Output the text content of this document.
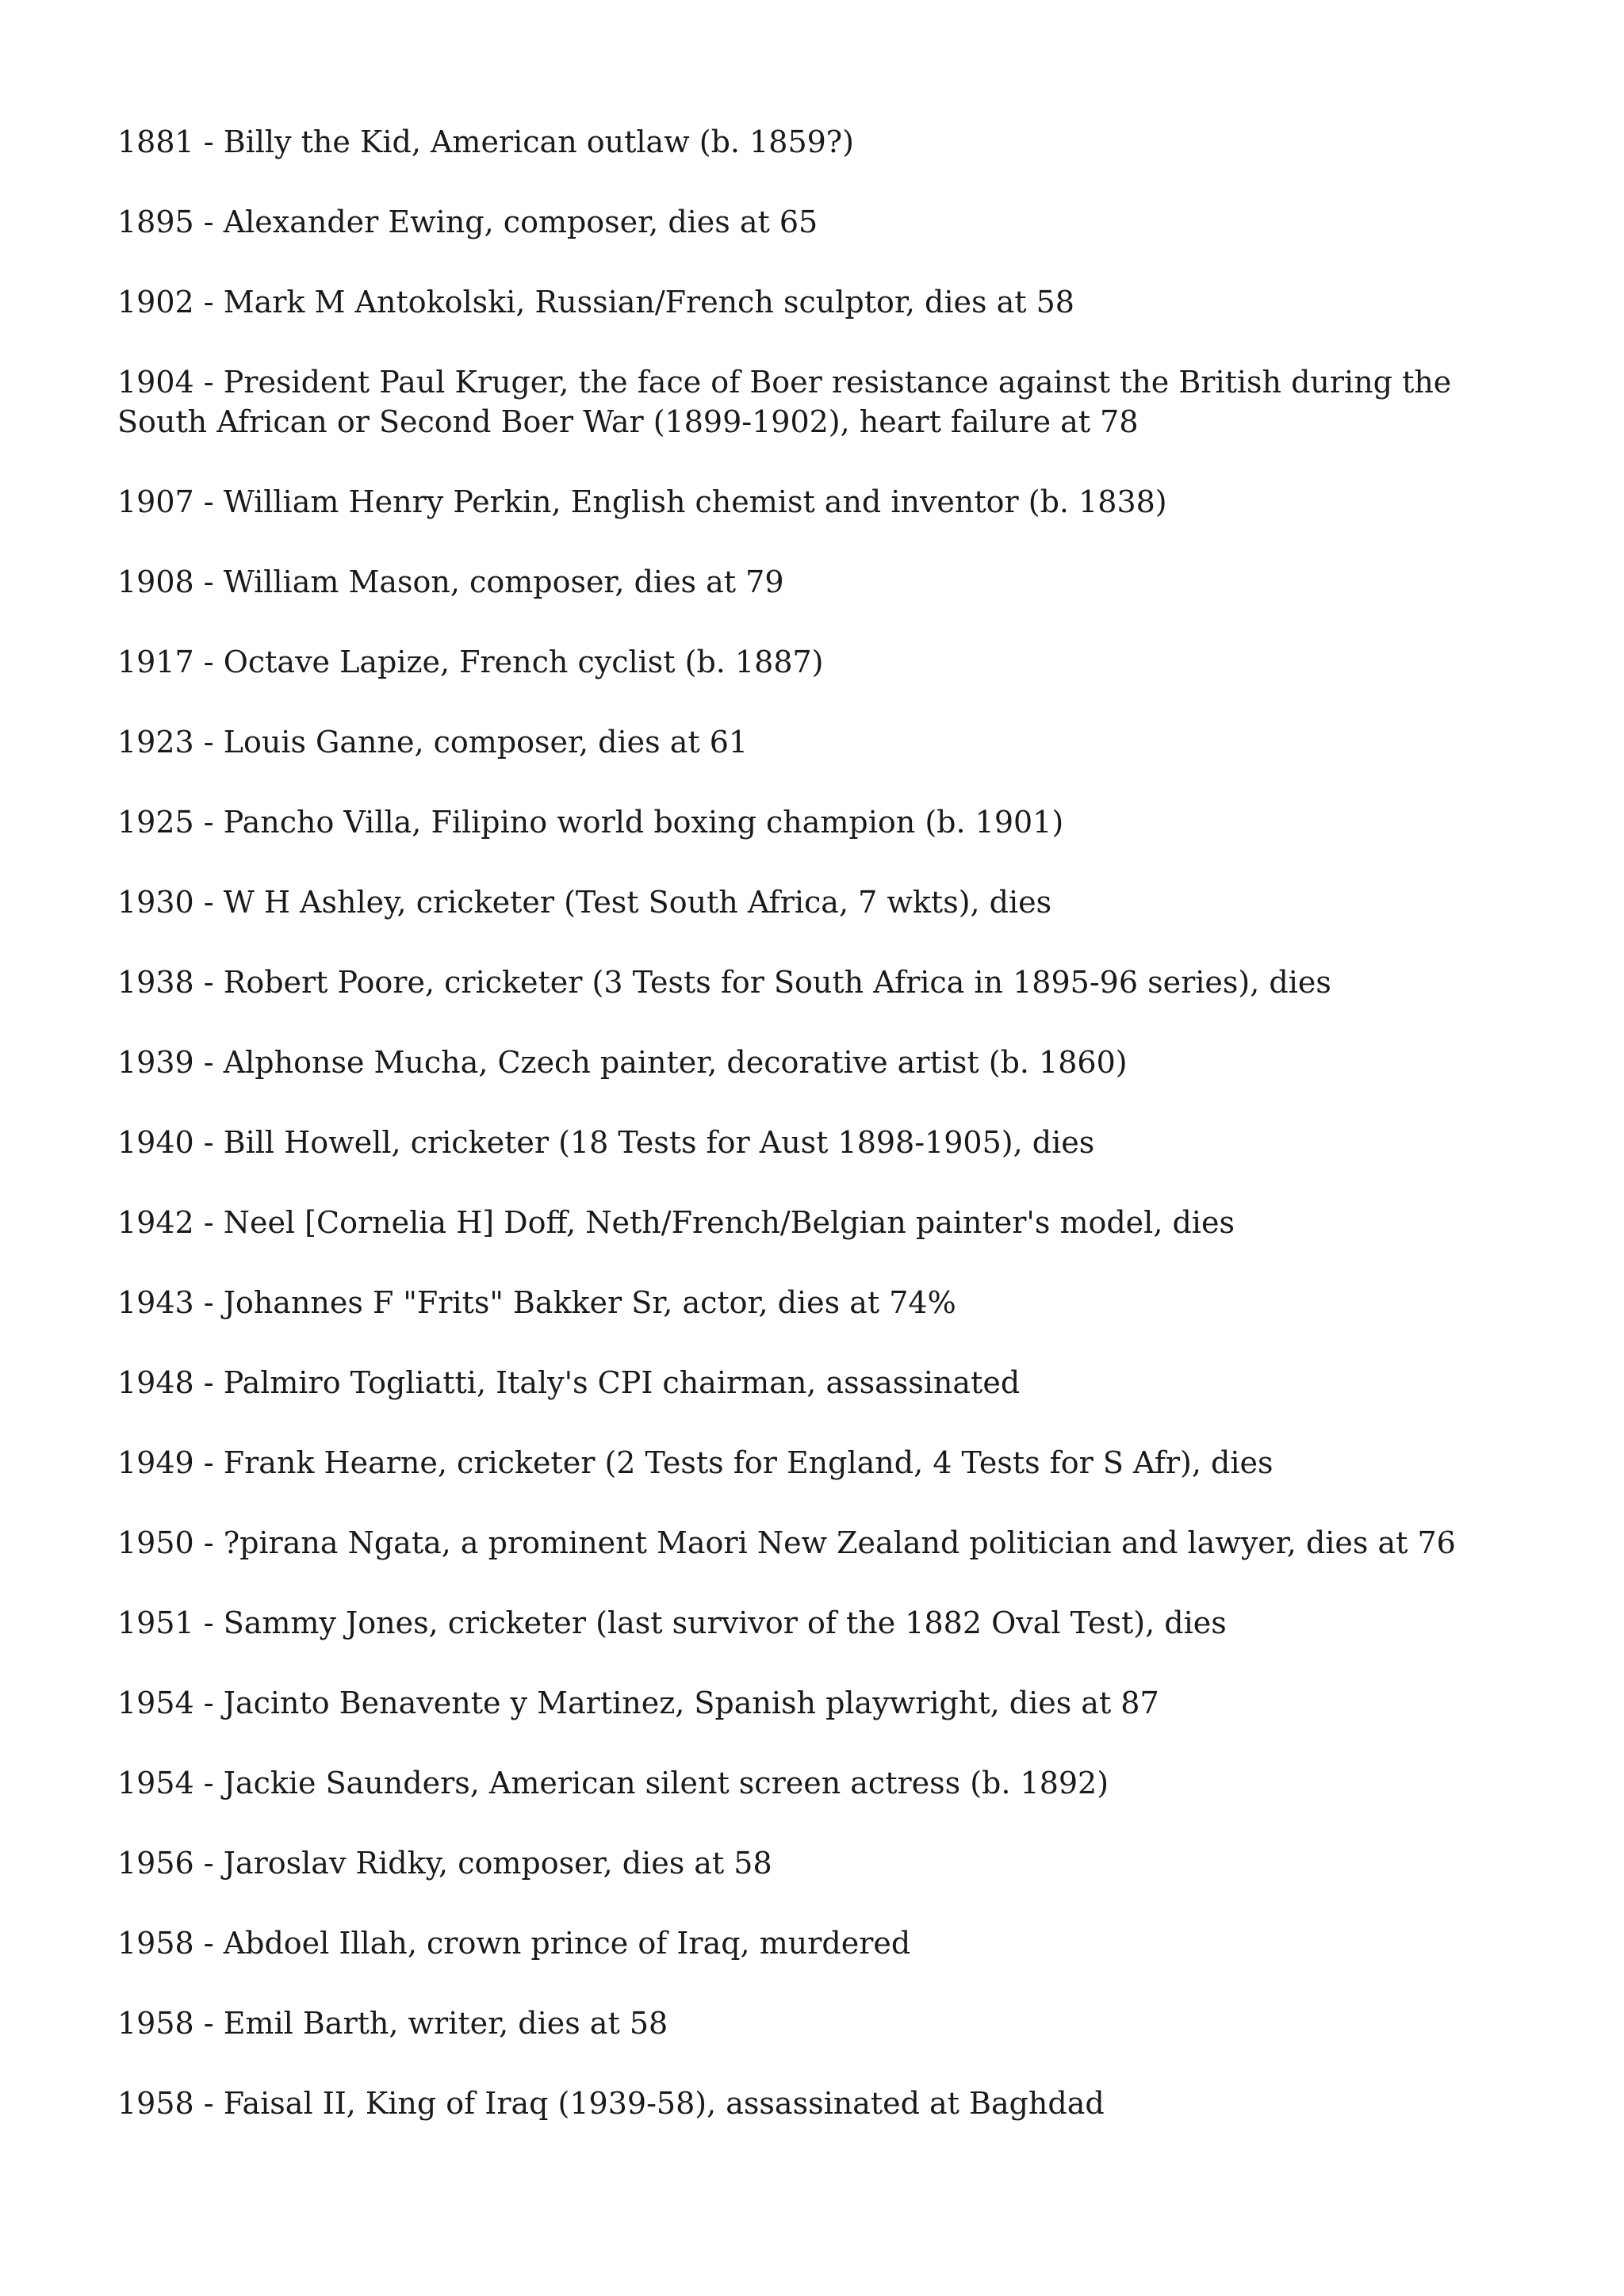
1881 - Billy the Kid, American outlaw (b. 1859?)

1895 - Alexander Ewing, composer, dies at 65

1902 - Mark M Antokolski, Russian/French sculptor, dies at 58

1904 - President Paul Kruger, the face of Boer resistance against the British during the South African or Second Boer War (1899-1902), heart failure at 78

1907 - William Henry Perkin, English chemist and inventor (b. 1838)

1908 - William Mason, composer, dies at 79

1917 - Octave Lapize, French cyclist (b. 1887)

1923 - Louis Ganne, composer, dies at 61

1925 - Pancho Villa, Filipino world boxing champion (b. 1901)

1930 - W H Ashley, cricketer (Test South Africa, 7 wkts), dies

1938 - Robert Poore, cricketer (3 Tests for South Africa in 1895-96 series), dies

1939 - Alphonse Mucha, Czech painter, decorative artist (b. 1860)

1940 - Bill Howell, cricketer (18 Tests for Aust 1898-1905), dies

1942 - Neel [Cornelia H] Doff, Neth/French/Belgian painter's model, dies

1943 - Johannes F "Frits" Bakker Sr, actor, dies at 74%

1948 - Palmiro Togliatti, Italy's CPI chairman, assassinated

1949 - Frank Hearne, cricketer (2 Tests for England, 4 Tests for S Afr), dies

1950 - ?pirana Ngata, a prominent Maori New Zealand politician and lawyer, dies at 76

1951 - Sammy Jones, cricketer (last survivor of the 1882 Oval Test), dies

1954 - Jacinto Benavente y Martinez, Spanish playwright, dies at 87

1954 - Jackie Saunders, American silent screen actress (b. 1892)

1956 - Jaroslav Ridky, composer, dies at 58

1958 - Abdoel Illah, crown prince of Iraq, murdered

1958 - Emil Barth, writer, dies at 58

1958 - Faisal II, King of Iraq (1939-58), assassinated at Baghdad
